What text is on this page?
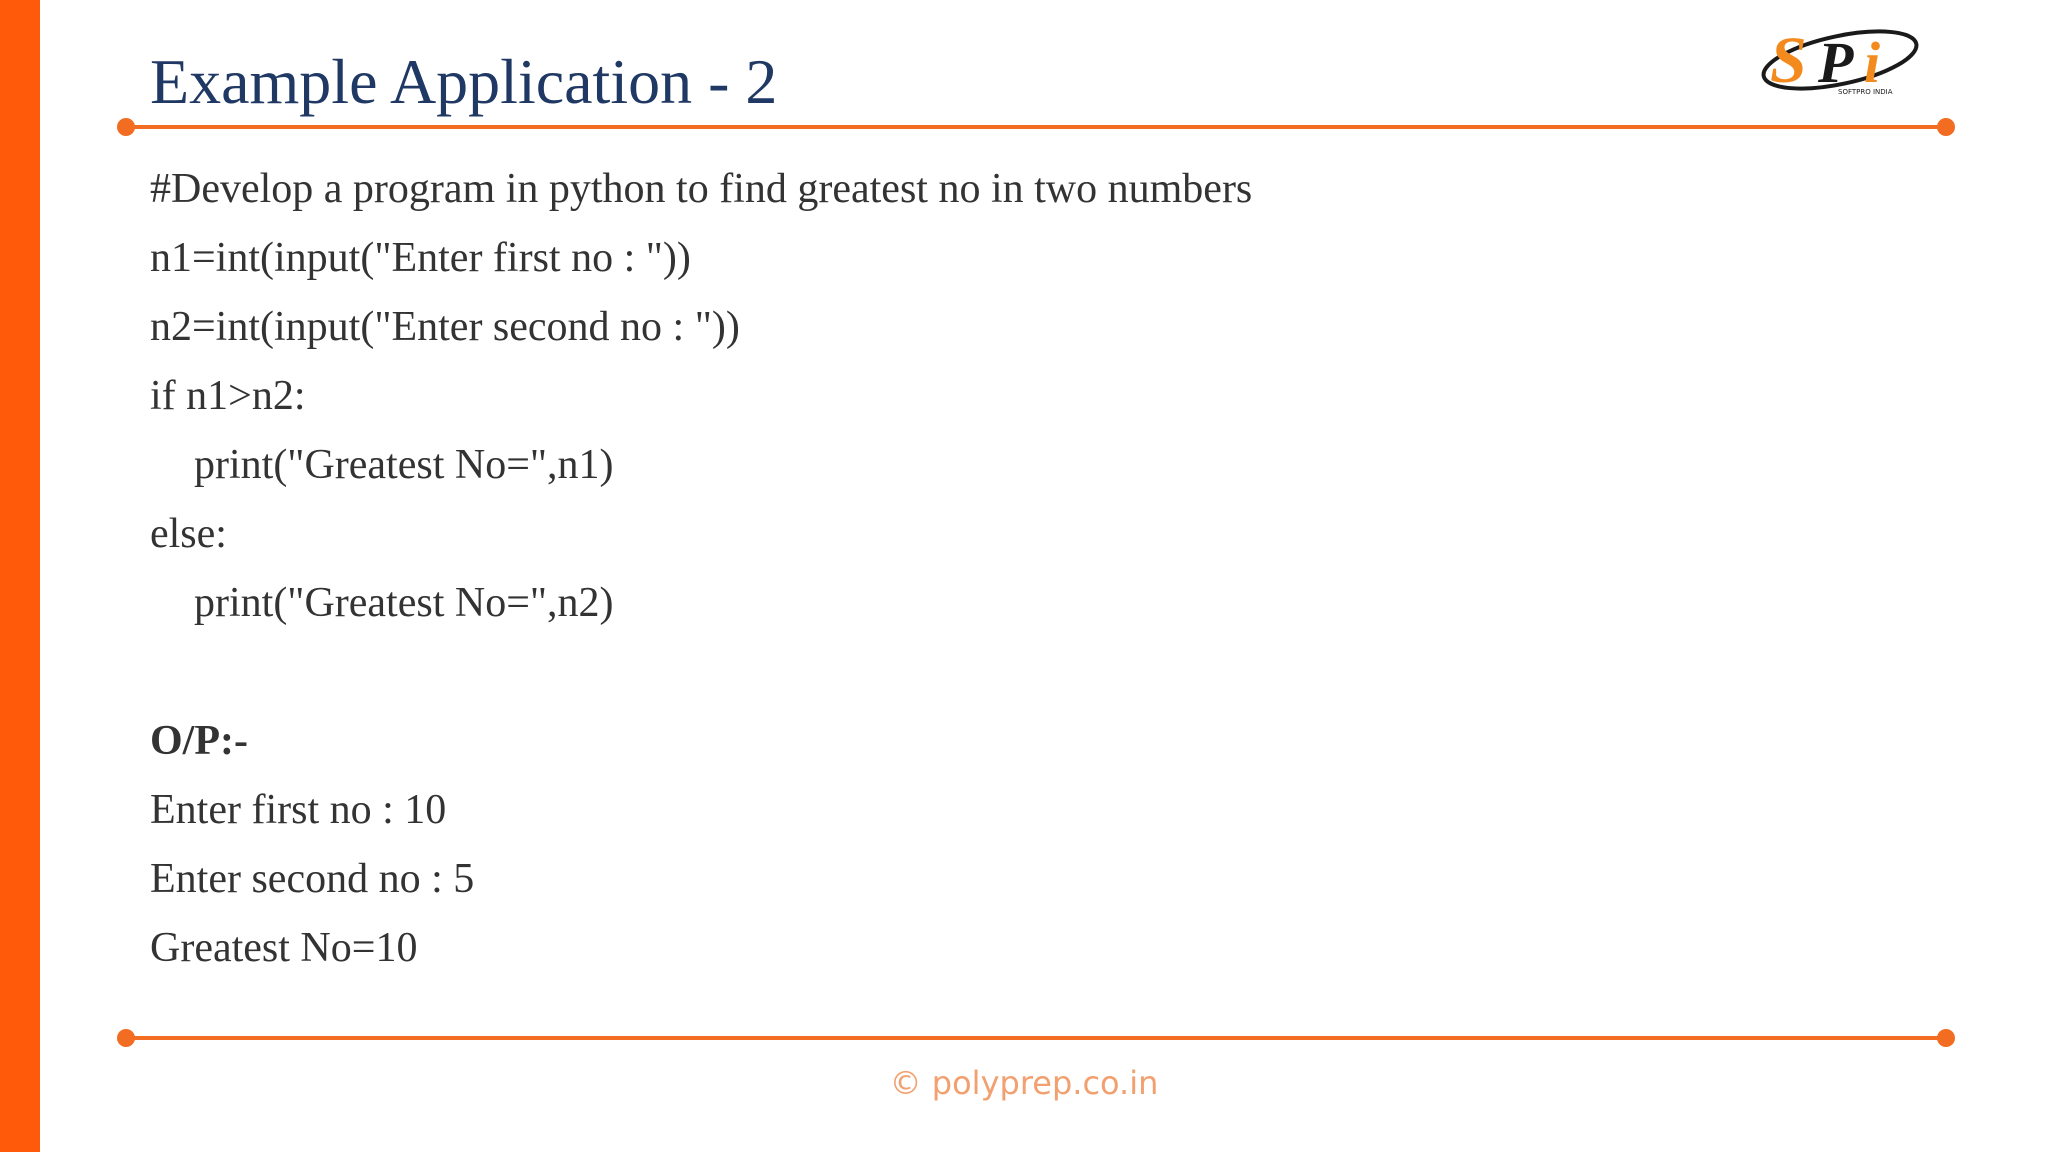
Example Application - 2	S P i
SOFTPRO INDIA
#Develop a program in python to find greatest no in two numbers
n1=int(input("Enter first no : "))
n2=int(input("Enter second no : "))
if n1>n2:
print("Greatest No=",n1)
else:
print("Greatest No=",n2)
O/P:-
Enter first no : 10
Enter second no : 5
Greatest No=10
© polyprep.co.in
